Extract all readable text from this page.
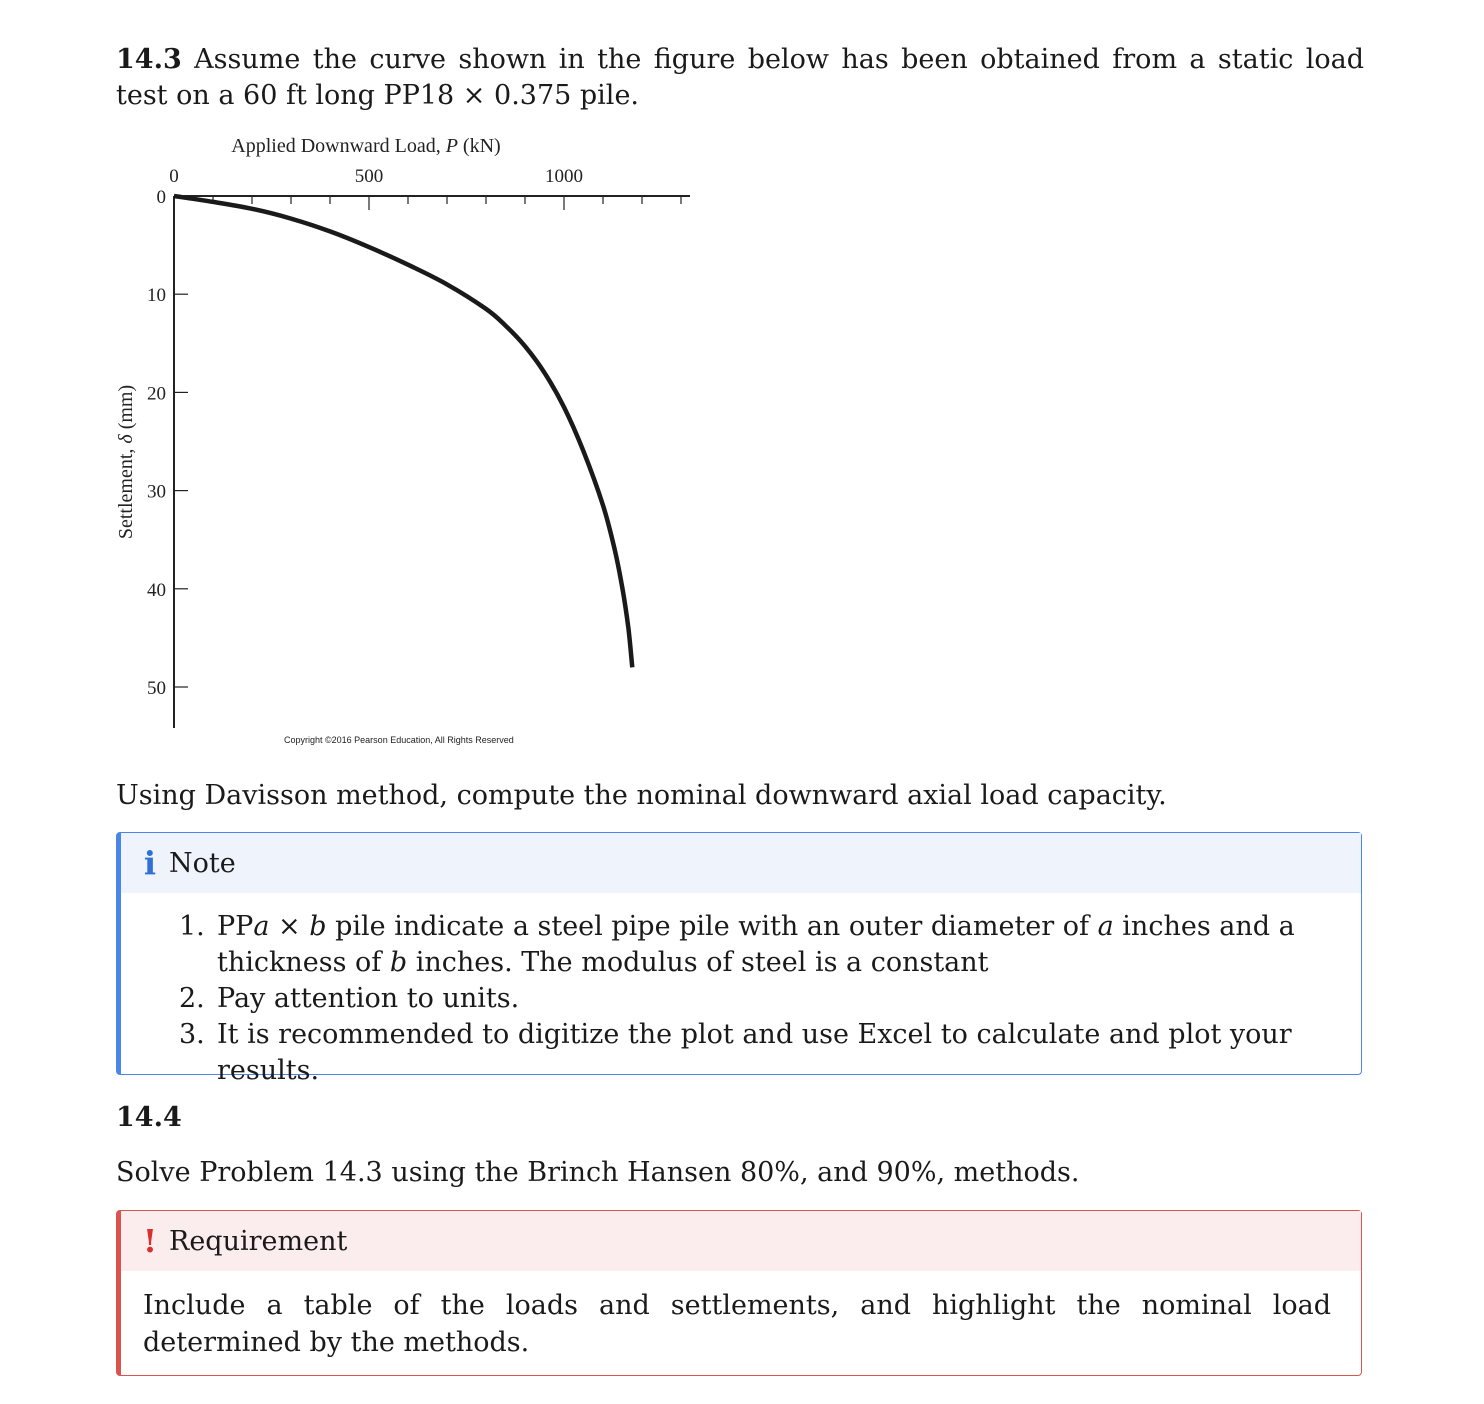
14.3 Assume the curve shown in the figure below has been obtained from a static load test on a 60 ft long PP18 × 0.375 pile.
Applied Downward Load, P (kN)
0	500	1000
0
10
20
30
40
50
Settlement, δ (mm)
Copyright ©2016 Pearson Education, All Rights Reserved
Using Davisson method, compute the nominal downward axial load capacity.
i Note
1. PPa × b pile indicate a steel pipe pile with an outer diameter of a inches and a thickness of b inches. The modulus of steel is a constant
2. Pay attention to units.
3. It is recommended to digitize the plot and use Excel to calculate and plot your results.
14.4
Solve Problem 14.3 using the Brinch Hansen 80%, and 90%, methods.
! Requirement
Include a table of the loads and settlements, and highlight the nominal load determined by the methods.
